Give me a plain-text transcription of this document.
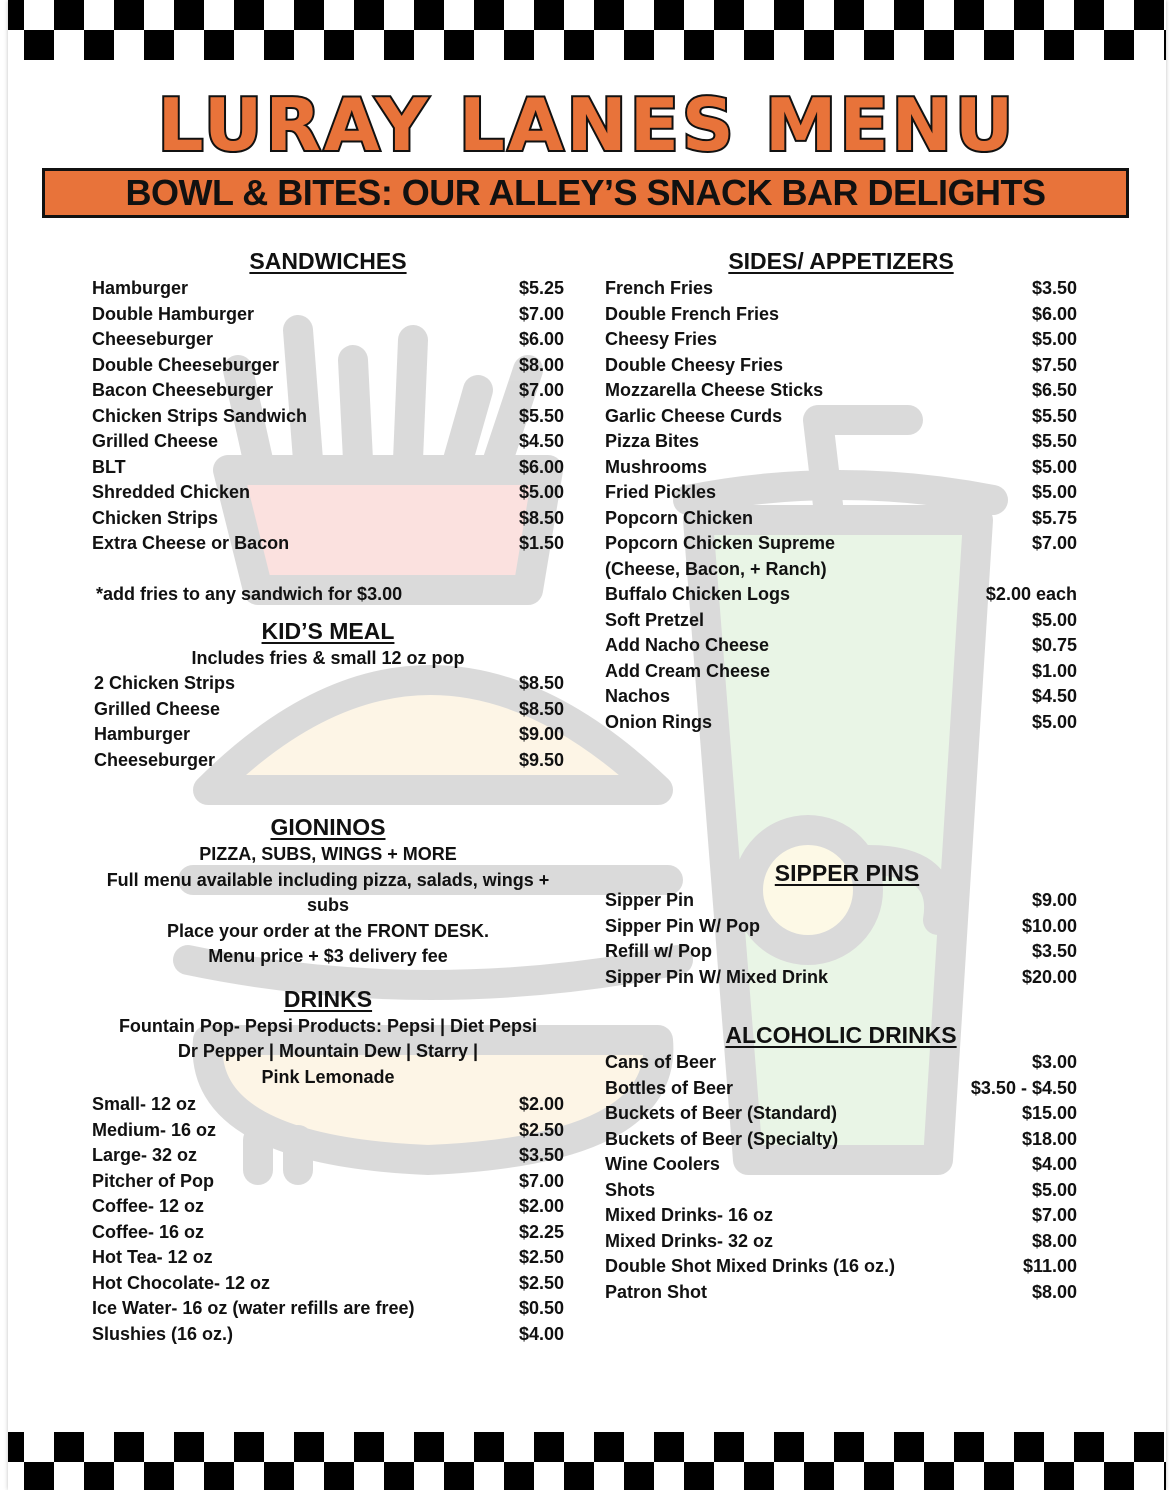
LURAY LANES MENU
BOWL & BITES: OUR ALLEY’S SNACK BAR DELIGHTS
SANDWICHES
Hamburger	$5.25
Double Hamburger	$7.00
Cheeseburger	$6.00
Double Cheeseburger	$8.00
Bacon Cheeseburger	$7.00
Chicken Strips Sandwich	$5.50
Grilled Cheese	$4.50
BLT	$6.00
Shredded Chicken	$5.00
Chicken Strips	$8.50
Extra Cheese or Bacon	$1.50
*add fries to any sandwich for $3.00
KID’S MEAL
Includes fries & small 12 oz pop
2 Chicken Strips	$8.50
Grilled Cheese	$8.50
Hamburger	$9.00
Cheeseburger	$9.50
GIONINOS
PIZZA, SUBS, WINGS + MORE
Full menu available including pizza, salads, wings +
subs
Place your order at the FRONT DESK.
Menu price + $3 delivery fee
DRINKS
Fountain Pop- Pepsi Products: Pepsi | Diet Pepsi
Dr Pepper | Mountain Dew | Starry |
Pink Lemonade
Small- 12 oz	$2.00
Medium- 16 oz	$2.50
Large- 32 oz	$3.50
Pitcher of Pop	$7.00
Coffee- 12 oz	$2.00
Coffee- 16 oz	$2.25
Hot Tea- 12 oz	$2.50
Hot Chocolate- 12 oz	$2.50
Ice Water- 16 oz (water refills are free)	$0.50
Slushies (16 oz.)	$4.00
SIDES/ APPETIZERS
French Fries	$3.50
Double French Fries	$6.00
Cheesy Fries	$5.00
Double Cheesy Fries	$7.50
Mozzarella Cheese Sticks	$6.50
Garlic Cheese Curds	$5.50
Pizza Bites	$5.50
Mushrooms	$5.00
Fried Pickles	$5.00
Popcorn Chicken	$5.75
Popcorn Chicken Supreme	$7.00
(Cheese, Bacon, + Ranch)
Buffalo Chicken Logs	$2.00 each
Soft Pretzel	$5.00
Add Nacho Cheese	$0.75
Add Cream Cheese	$1.00
Nachos	$4.50
Onion Rings	$5.00
SIPPER PINS
Sipper Pin	$9.00
Sipper Pin W/ Pop	$10.00
Refill w/ Pop	$3.50
Sipper Pin W/ Mixed Drink	$20.00
ALCOHOLIC DRINKS
Cans of Beer	$3.00
Bottles of Beer	$3.50 - $4.50
Buckets of Beer (Standard)	$15.00
Buckets of Beer (Specialty)	$18.00
Wine Coolers	$4.00
Shots	$5.00
Mixed Drinks- 16 oz	$7.00
Mixed Drinks- 32 oz	$8.00
Double Shot Mixed Drinks (16 oz.)	$11.00
Patron Shot	$8.00
